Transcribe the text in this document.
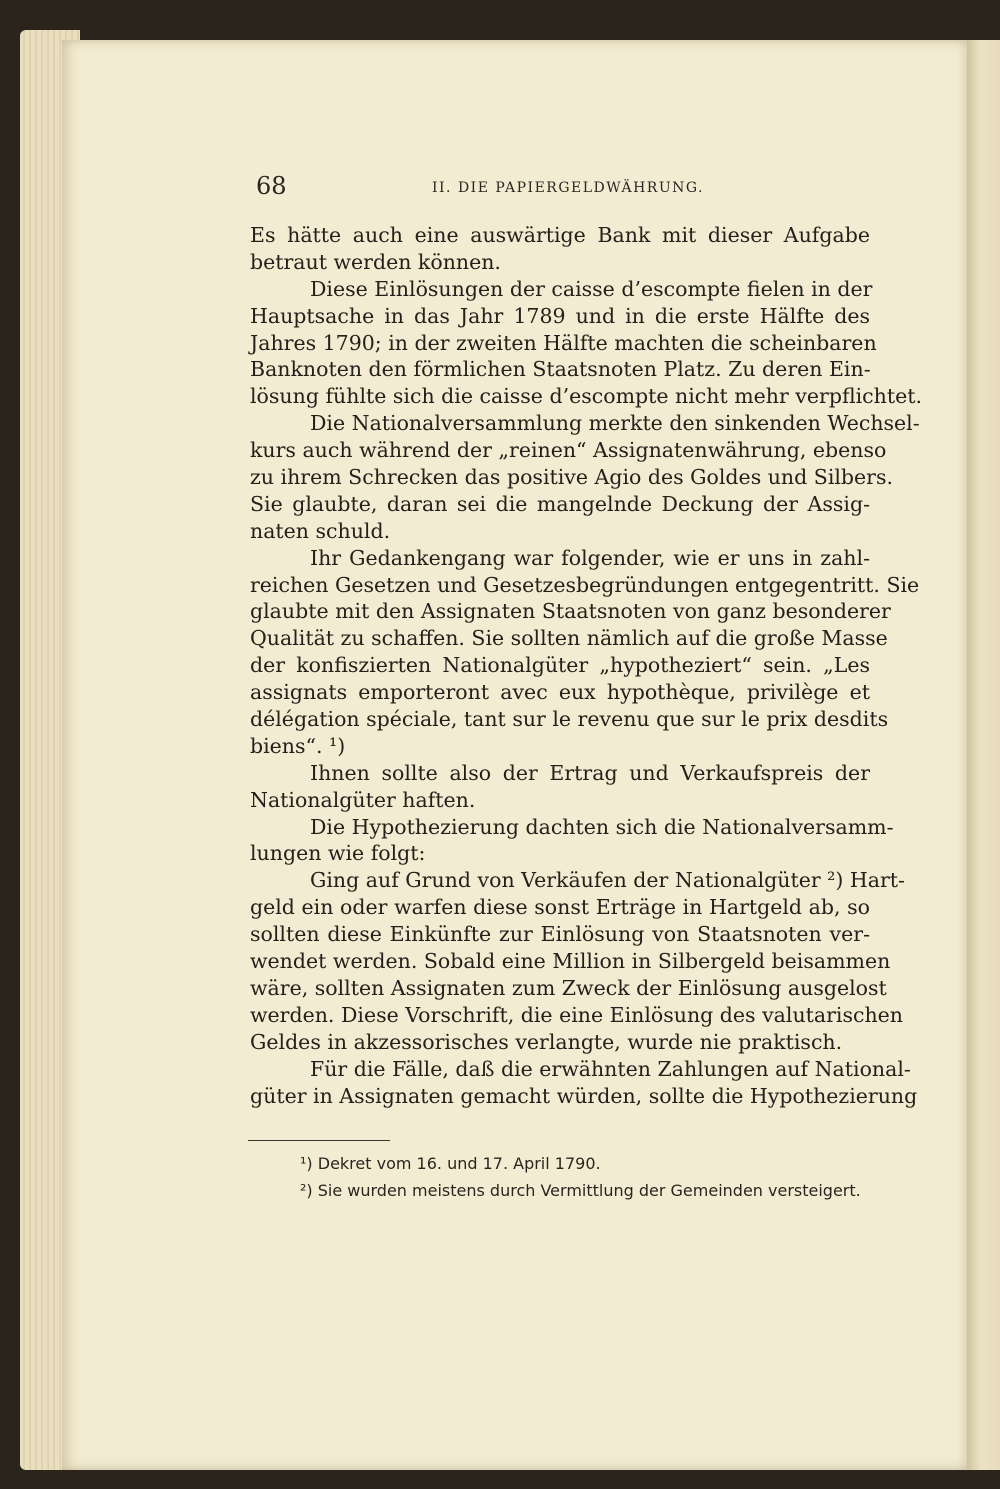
68	II. DIE PAPIERGELDWÄHRUNG.
Es hätte auch eine auswärtige Bank mit dieser Aufgabe
betraut werden können.
Diese Einlösungen der caisse d’escompte fielen in der
Hauptsache in das Jahr 1789 und in die erste Hälfte des
Jahres 1790; in der zweiten Hälfte machten die scheinbaren
Banknoten den förmlichen Staatsnoten Platz. Zu deren Ein-
lösung fühlte sich die caisse d’escompte nicht mehr verpflichtet.
Die Nationalversammlung merkte den sinkenden Wechsel-
kurs auch während der „reinen“ Assignatenwährung, ebenso
zu ihrem Schrecken das positive Agio des Goldes und Silbers.
Sie glaubte, daran sei die mangelnde Deckung der Assig-
naten schuld.
Ihr Gedankengang war folgender, wie er uns in zahl-
reichen Gesetzen und Gesetzesbegründungen entgegentritt. Sie
glaubte mit den Assignaten Staatsnoten von ganz besonderer
Qualität zu schaffen. Sie sollten nämlich auf die große Masse
der konfiszierten Nationalgüter „hypotheziert“ sein. „Les
assignats emporteront avec eux hypothèque, privilège et
délégation spéciale, tant sur le revenu que sur le prix desdits
biens“. ¹)
Ihnen sollte also der Ertrag und Verkaufspreis der
Nationalgüter haften.
Die Hypothezierung dachten sich die Nationalversamm-
lungen wie folgt:
Ging auf Grund von Verkäufen der Nationalgüter ²) Hart-
geld ein oder warfen diese sonst Erträge in Hartgeld ab, so
sollten diese Einkünfte zur Einlösung von Staatsnoten ver-
wendet werden. Sobald eine Million in Silbergeld beisammen
wäre, sollten Assignaten zum Zweck der Einlösung ausgelost
werden. Diese Vorschrift, die eine Einlösung des valutarischen
Geldes in akzessorisches verlangte, wurde nie praktisch.
Für die Fälle, daß die erwähnten Zahlungen auf National-
güter in Assignaten gemacht würden, sollte die Hypothezierung
¹) Dekret vom 16. und 17. April 1790.
²) Sie wurden meistens durch Vermittlung der Gemeinden versteigert.
